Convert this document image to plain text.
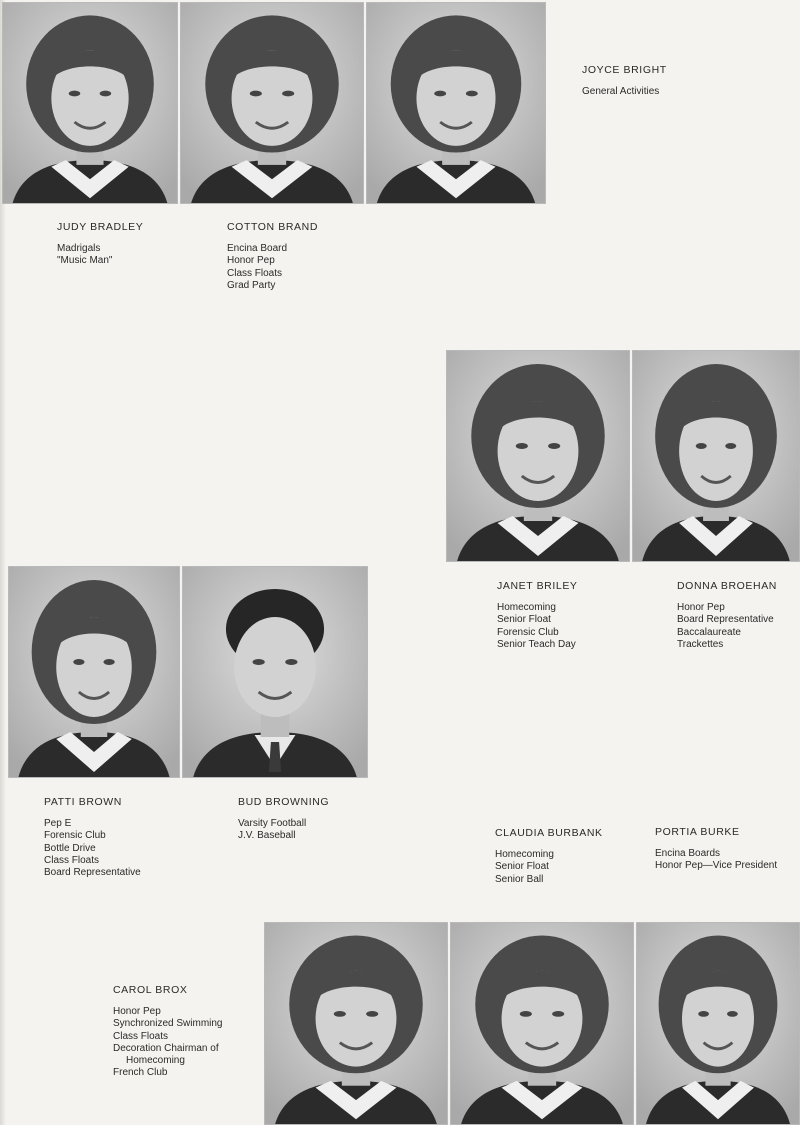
JUDY BRADLEY
Madrigals
"Music Man"
COTTON BRAND
Encina Board
Honor Pep
Class Floats
Grad Party
JOYCE BRIGHT
General Activities
JANET BRILEY
Homecoming
Senior Float
Forensic Club
Senior Teach Day
DONNA BROEHAN
Honor Pep
Board Representative
Baccalaureate
Trackettes
PATTI BROWN
Pep E
Forensic Club
Bottle Drive
Class Floats
Board Representative
BUD BROWNING
Varsity Football
J.V. Baseball	CLAUDIA BURBANK
Homecoming
Senior Float
Senior Ball
PORTIA BURKE
Encina Boards
Honor Pep—Vice President
CAROL BROX
Honor Pep
Synchronized Swimming
Class Floats
Decoration Chairman of
Homecoming
French Club
